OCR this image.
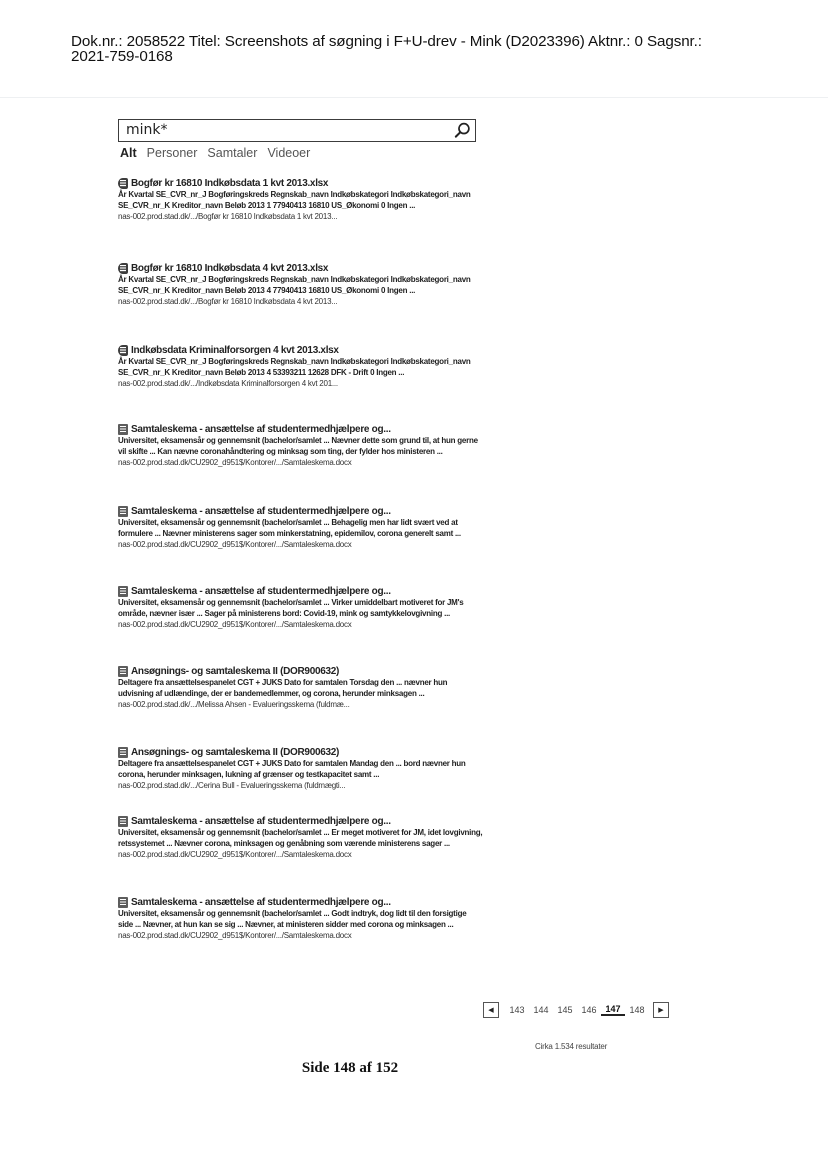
Dok.nr.: 2058522 Titel: Screenshots af søgning i F+U-drev - Mink (D2023396) Aktnr.: 0 Sagsnr.:
2021-759-0168
mink*
Alt Personer Samtaler Videoer
Bogfør kr 16810 Indkøbsdata 1 kvt 2013.xlsx
År Kvartal SE_CVR_nr_J Bogføringskreds Regnskab_navn Indkøbskategori Indkøbskategori_navn SE_CVR_nr_K Kreditor_navn Beløb 2013 1 77940413 16810 US_Økonomi 0 Ingen ...
nas-002.prod.stad.dk/.../Bogfør kr 16810 Indkøbsdata 1 kvt 2013...
Bogfør kr 16810 Indkøbsdata 4 kvt 2013.xlsx
År Kvartal SE_CVR_nr_J Bogføringskreds Regnskab_navn Indkøbskategori Indkøbskategori_navn SE_CVR_nr_K Kreditor_navn Beløb 2013 4 77940413 16810 US_Økonomi 0 Ingen ...
nas-002.prod.stad.dk/.../Bogfør kr 16810 Indkøbsdata 4 kvt 2013...
Indkøbsdata Kriminalforsorgen 4 kvt 2013.xlsx
År Kvartal SE_CVR_nr_J Bogføringskreds Regnskab_navn Indkøbskategori Indkøbskategori_navn SE_CVR_nr_K Kreditor_navn Beløb 2013 4 53393211 12628 DFK - Drift 0 Ingen ...
nas-002.prod.stad.dk/.../Indkøbsdata Kriminalforsorgen 4 kvt 201...
Samtaleskema - ansættelse af studentermedhjælpere og...
Universitet, eksamensår og gennemsnit (bachelor/samlet ... Nævner dette som grund til, at hun gerne vil skifte ... Kan nævne coronahåndtering og minksag som ting, der fylder hos ministeren ...
nas-002.prod.stad.dk/CU2902_d951$/Kontorer/.../Samtaleskema.docx
Samtaleskema - ansættelse af studentermedhjælpere og...
Universitet, eksamensår og gennemsnit (bachelor/samlet ... Behagelig men har lidt svært ved at formulere ... Nævner ministerens sager som minkerstatning, epidemilov, corona generelt samt ...
nas-002.prod.stad.dk/CU2902_d951$/Kontorer/.../Samtaleskema.docx
Samtaleskema - ansættelse af studentermedhjælpere og...
Universitet, eksamensår og gennemsnit (bachelor/samlet ... Virker umiddelbart motiveret for JM's område, nævner især ... Sager på ministerens bord: Covid-19, mink og samtykkelovgivning ...
nas-002.prod.stad.dk/CU2902_d951$/Kontorer/.../Samtaleskema.docx
Ansøgnings- og samtaleskema II (DOR900632)
Deltagere fra ansættelsespanelet CGT + JUKS Dato for samtalen Torsdag den ... nævner hun udvisning af udlændinge, der er bandemedlemmer, og corona, herunder minksagen ...
nas-002.prod.stad.dk/.../Melissa Ahsen - Evalueringsskema (fuldmæ...
Ansøgnings- og samtaleskema II (DOR900632)
Deltagere fra ansættelsespanelet CGT + JUKS Dato for samtalen Mandag den ... bord nævner hun corona, herunder minksagen, lukning af grænser og testkapacitet samt ...
nas-002.prod.stad.dk/.../Cerina Bull - Evalueringsskema (fuldmægti...
Samtaleskema - ansættelse af studentermedhjælpere og...
Universitet, eksamensår og gennemsnit (bachelor/samlet ... Er meget motiveret for JM, idet lovgivning, retssystemet ... Nævner corona, minksagen og genåbning som værende ministerens sager ...
nas-002.prod.stad.dk/CU2902_d951$/Kontorer/.../Samtaleskema.docx
Samtaleskema - ansættelse af studentermedhjælpere og...
Universitet, eksamensår og gennemsnit (bachelor/samlet ... Godt indtryk, dog lidt til den forsigtige side ... Nævner, at hun kan se sig ... Nævner, at ministeren sidder med corona og minksagen ...
nas-002.prod.stad.dk/CU2902_d951$/Kontorer/.../Samtaleskema.docx
◀	143 144 145 146 147 148	▶
Cirka 1.534 resultater
Side 148 af 152
